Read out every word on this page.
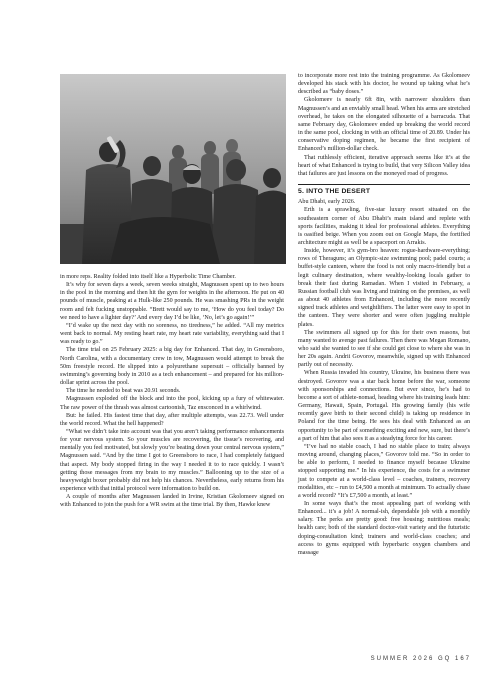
in more reps. Reality folded into itself like a Hyperbolic Time Chamber.

It’s why for seven days a week, seven weeks straight, Magnussen spent up to two hours in the pool in the morning and then hit the gym for weights in the afternoon. He put on 40 pounds of muscle, peaking at a Hulk-like 250 pounds. He was smashing PRs in the weight room and felt fucking unstoppable. “Brett would say to me, ‘How do you feel today? Do we need to have a lighter day?’ And every day I’d be like, ‘No, let’s go again!’”

“I’d wake up the next day with no soreness, no tiredness,” he added. “All my metrics went back to normal. My resting heart rate, my heart rate variability, everything said that I was ready to go.”

The time trial on 25 February 2025: a big day for Enhanced. That day, in Greensboro, North Carolina, with a documentary crew in tow, Magnussen would attempt to break the 50m freestyle record. He slipped into a polyurethane supersuit – officially banned by swimming’s governing body in 2010 as a tech enhancement – and prepared for his million-dollar sprint across the pool.

The time he needed to beat was 20.91 seconds.

Magnussen exploded off the block and into the pool, kicking up a fury of whitewater. The raw power of the thrash was almost cartoonish, Taz ensconced in a whirlwind.

But: he failed. His fastest time that day, after multiple attempts, was 22.73. Well under the world record. What the hell happened?

“What we didn’t take into account was that you aren’t taking performance enhancements for your nervous system. So your muscles are recovering, the tissue’s recovering, and mentally you feel motivated, but slowly you’re beating down your central nervous system,” Magnussen said. “And by the time I got to Greensboro to race, I had completely fatigued that aspect. My body stopped firing in the way I needed it to to race quickly. I wasn’t getting those messages from my brain to my muscles.” Ballooning up to the size of a heavyweight boxer probably did not help his chances. Nevertheless, early returns from his experience with that initial protocol were information to build on.

A couple of months after Magnussen landed in Irvine, Kristian Gkolomeev signed on with Enhanced to join the push for a WR swim at the time trial. By then, Hawke knew

to incorporate more rest into the training programme. As Gkolomeev developed his stack with his doctor, he wound up taking what he’s described as “baby doses.”

Gkolomeev is nearly 6ft 8in, with narrower shoulders than Magnussen’s and an enviably small head. When his arms are stretched overhead, he takes on the elongated silhouette of a barracuda. That same February day, Gkolomeev ended up breaking the world record in the same pool, clocking in with an official time of 20.89. Under his conservative doping regimen, he became the first recipient of Enhanced’s million-dollar check.

That ruthlessly efficient, iterative approach seems like it’s at the heart of what Enhanced is trying to build, that very Silicon Valley idea that failures are just lessons on the moneyed road of progress.

5. INTO THE DESERT

Abu Dhabi, early 2026.

Erth is a sprawling, five-star luxury resort situated on the southeastern corner of Abu Dhabi’s main island and replete with sports facilities, making it ideal for professional athletes. Everything is oasified beige. When you zoom out on Google Maps, the fortified architecture might as well be a spaceport on Arrakis.

Inside, however, it’s gym-bro heaven: rogue-hardware-everything; rows of Theraguns; an Olympic-size swimming pool; padel courts; a buffet-style canteen, where the food is not only macro-friendly but a legit culinary destination, where wealthy-looking locals gather to break their fast during Ramadan. When I visited in February, a Russian football club was living and training on the premises, as well as about 40 athletes from Enhanced, including the more recently signed track athletes and weightlifters. The latter were easy to spot in the canteen. They were shorter and were often juggling multiple plates.

The swimmers all signed up for this for their own reasons, but many wanted to avenge past failures. Then there was Megan Romano, who said she wanted to see if she could get close to where she was in her 20s again. Andrii Govorov, meanwhile, signed up with Enhanced partly out of necessity.

When Russia invaded his country, Ukraine, his business there was destroyed. Govorov was a star back home before the war, someone with sponsorships and connections. But ever since, he’s had to become a sort of athlete-nomad, heading where his training leads him: Germany, Hawaii, Spain, Portugal. His growing family (his wife recently gave birth to their second child) is taking up residence in Poland for the time being. He sees his deal with Enhanced as an opportunity to be part of something exciting and new, sure, but there’s a part of him that also sees it as a steadying force for his career.

“I’ve had no stable coach, I had no stable place to train; always moving around, changing places,” Govorov told me. “So in order to be able to perform, I needed to finance myself because Ukraine stopped supporting me.” In his experience, the costs for a swimmer just to compete at a world-class level – coaches, trainers, recovery modalities, etc – run to £4,500 a month at minimum. To actually chase a world record? “It’s £7,500 a month, at least.”

In some ways that’s the most appealing part of working with Enhanced... it’s a job! A normal-ish, dependable job with a monthly salary. The perks are pretty good: free housing; nutritious meals; health care; both of the standard doctor-visit variety and the futuristic doping-consultation kind; trainers and world-class coaches; and access to gyms equipped with hyperbaric oxygen chambers and massage

SUMMER 2026 GQ 167
